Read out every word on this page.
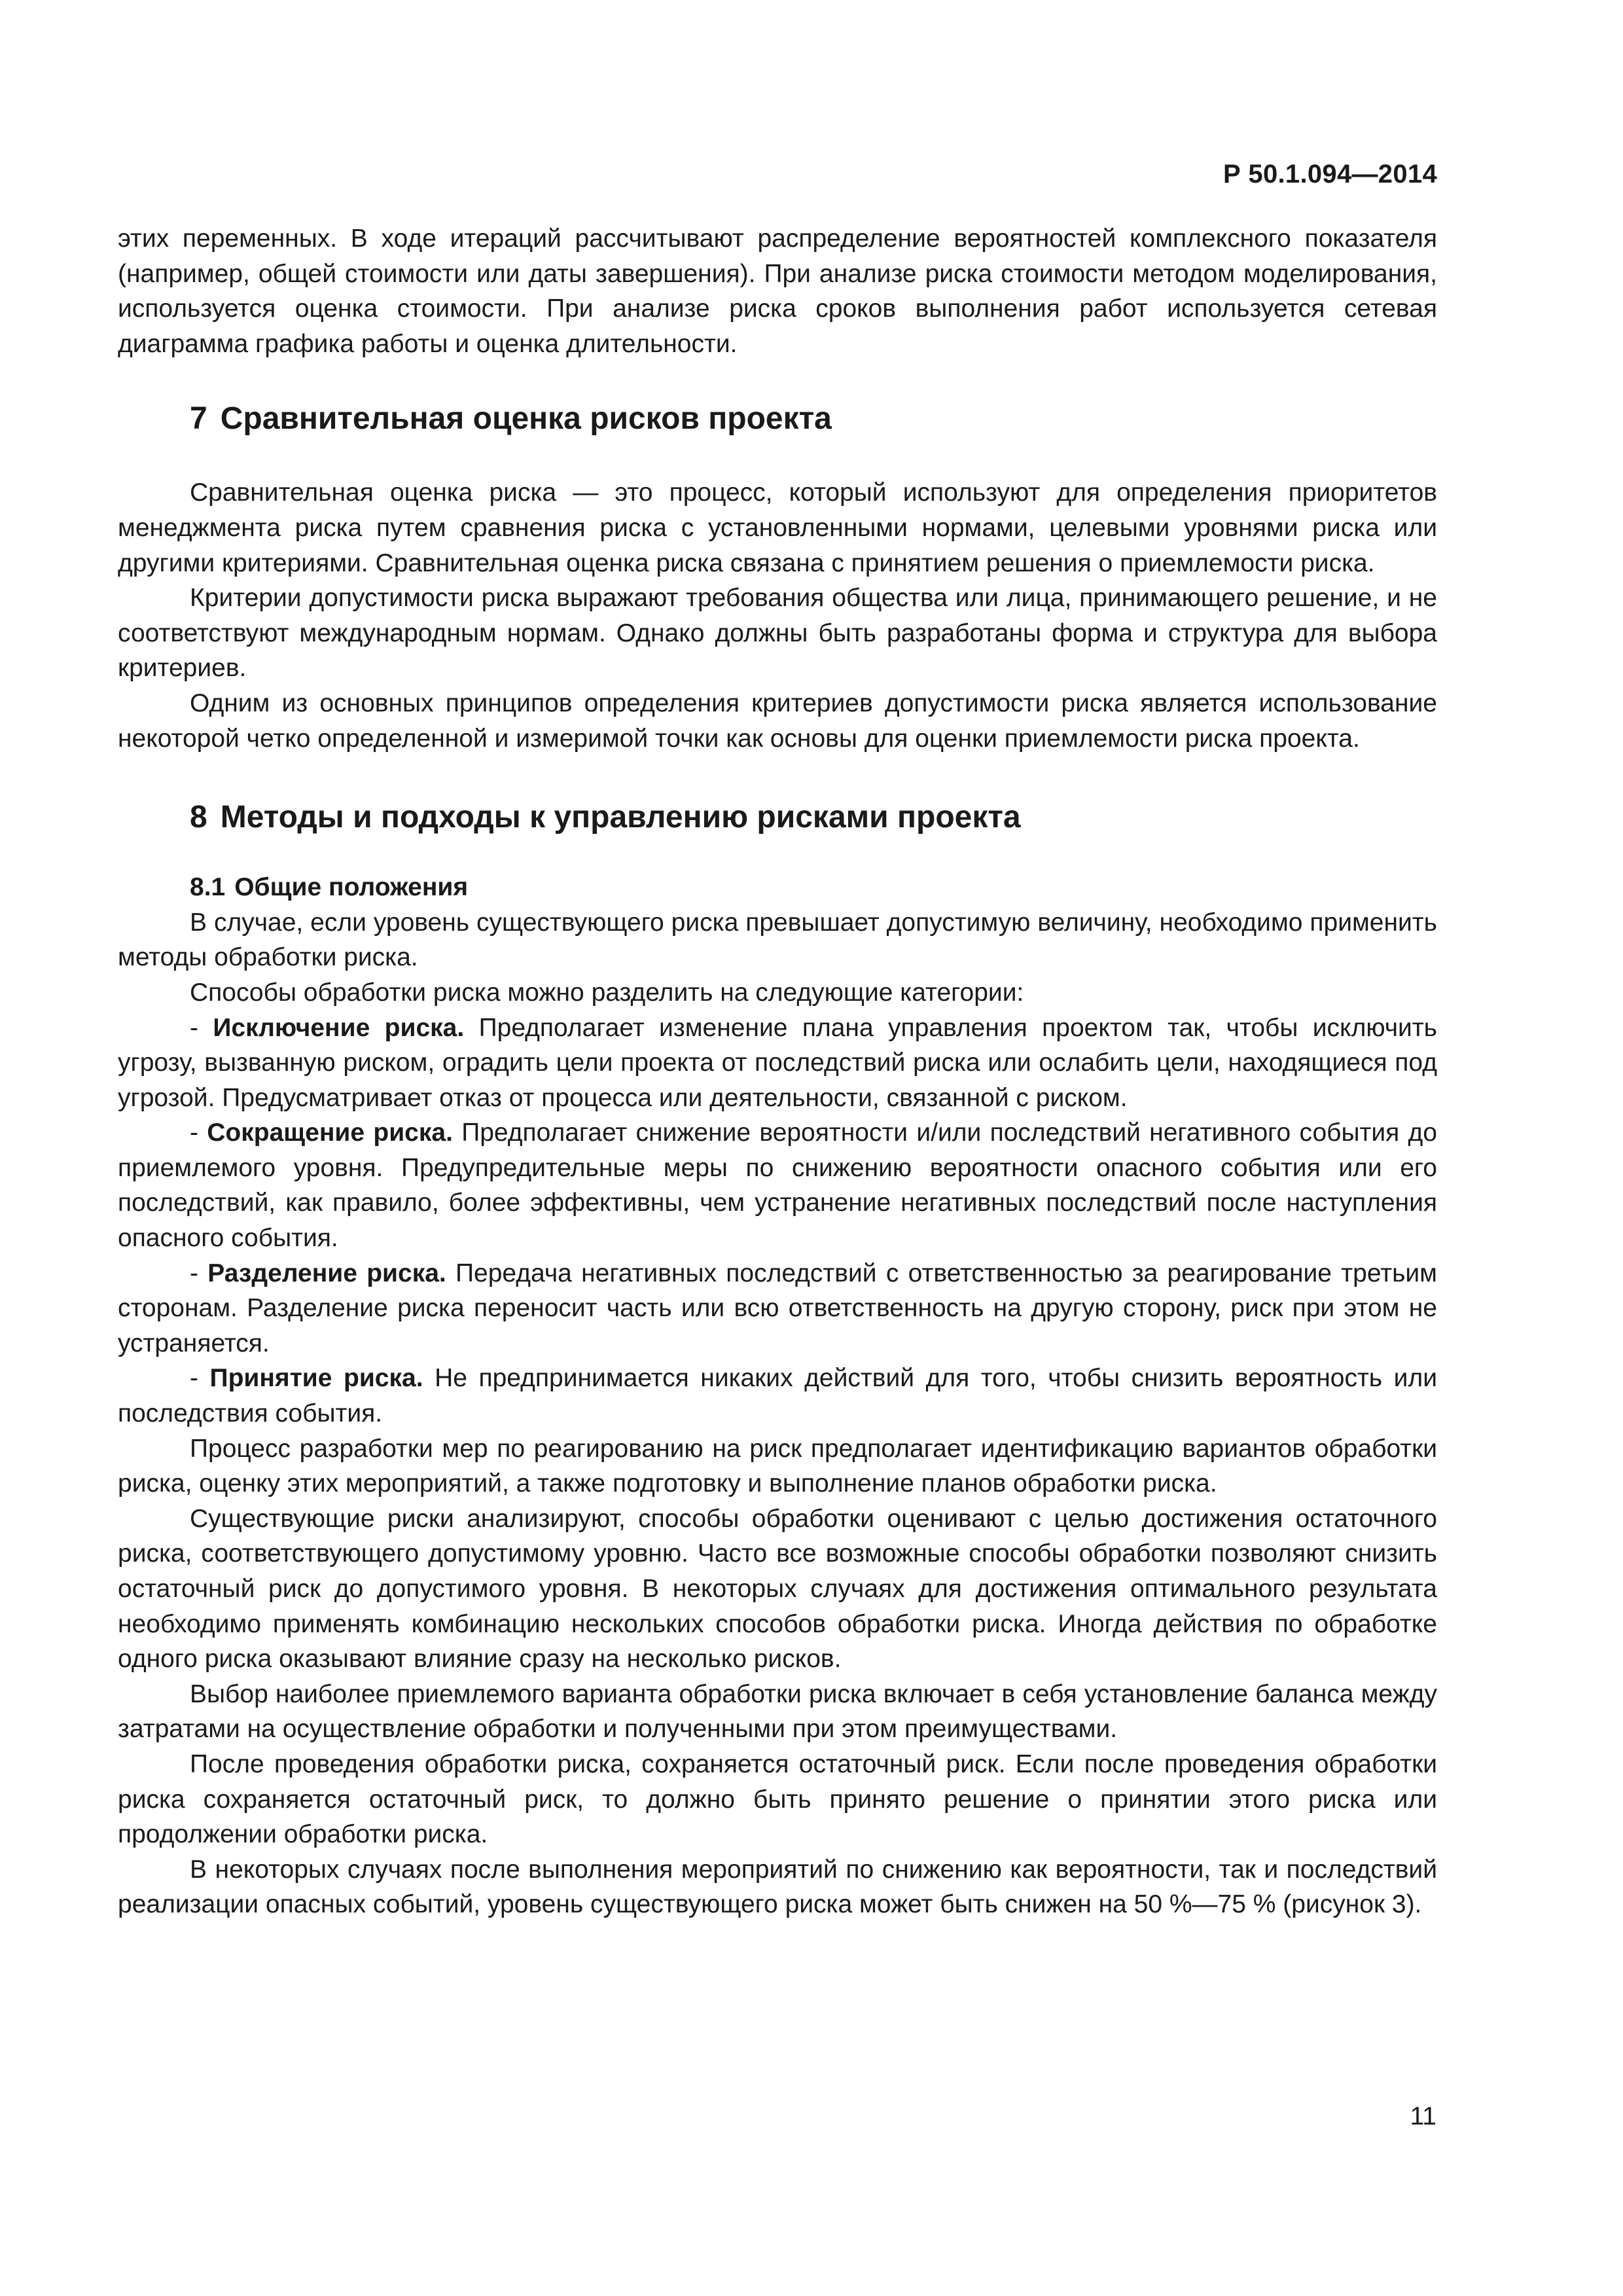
Р 50.1.094—2014

этих переменных. В ходе итераций рассчитывают распределение вероятностей комплексного показателя (например, общей стоимости или даты завершения). При анализе риска стоимости методом моделирования, используется оценка стоимости. При анализе риска сроков выполнения работ используется сетевая диаграмма графика работы и оценка длительности.

7 Сравнительная оценка рисков проекта

Сравнительная оценка риска — это процесс, который используют для определения приоритетов менеджмента риска путем сравнения риска с установленными нормами, целевыми уровнями риска или другими критериями. Сравнительная оценка риска связана с принятием решения о приемлемости риска.

Критерии допустимости риска выражают требования общества или лица, принимающего решение, и не соответствуют международным нормам. Однако должны быть разработаны форма и структура для выбора критериев.

Одним из основных принципов определения критериев допустимости риска является использование некоторой четко определенной и измеримой точки как основы для оценки приемлемости риска проекта.

8 Методы и подходы к управлению рисками проекта
8.1 Общие положения

В случае, если уровень существующего риска превышает допустимую величину, необходимо применить методы обработки риска.

Способы обработки риска можно разделить на следующие категории:

- Исключение риска. Предполагает изменение плана управления проектом так, чтобы исключить угрозу, вызванную риском, оградить цели проекта от последствий риска или ослабить цели, находящиеся под угрозой. Предусматривает отказ от процесса или деятельности, связанной с риском.

- Сокращение риска. Предполагает снижение вероятности и/или последствий негативного события до приемлемого уровня. Предупредительные меры по снижению вероятности опасного события или его последствий, как правило, более эффективны, чем устранение негативных последствий после наступления опасного события.

- Разделение риска. Передача негативных последствий с ответственностью за реагирование третьим сторонам. Разделение риска переносит часть или всю ответственность на другую сторону, риск при этом не устраняется.

- Принятие риска. Не предпринимается никаких действий для того, чтобы снизить вероятность или последствия события.

Процесс разработки мер по реагированию на риск предполагает идентификацию вариантов обработки риска, оценку этих мероприятий, а также подготовку и выполнение планов обработки риска.

Существующие риски анализируют, способы обработки оценивают с целью достижения остаточного риска, соответствующего допустимому уровню. Часто все возможные способы обработки позволяют снизить остаточный риск до допустимого уровня. В некоторых случаях для достижения оптимального результата необходимо применять комбинацию нескольких способов обработки риска. Иногда действия по обработке одного риска оказывают влияние сразу на несколько рисков.

Выбор наиболее приемлемого варианта обработки риска включает в себя установление баланса между затратами на осуществление обработки и полученными при этом преимуществами.

После проведения обработки риска, сохраняется остаточный риск. Если после проведения обработки риска сохраняется остаточный риск, то должно быть принято решение о принятии этого риска или продолжении обработки риска.

В некоторых случаях после выполнения мероприятий по снижению как вероятности, так и последствий реализации опасных событий, уровень существующего риска может быть снижен на 50 %—75 % (рисунок 3).

11
